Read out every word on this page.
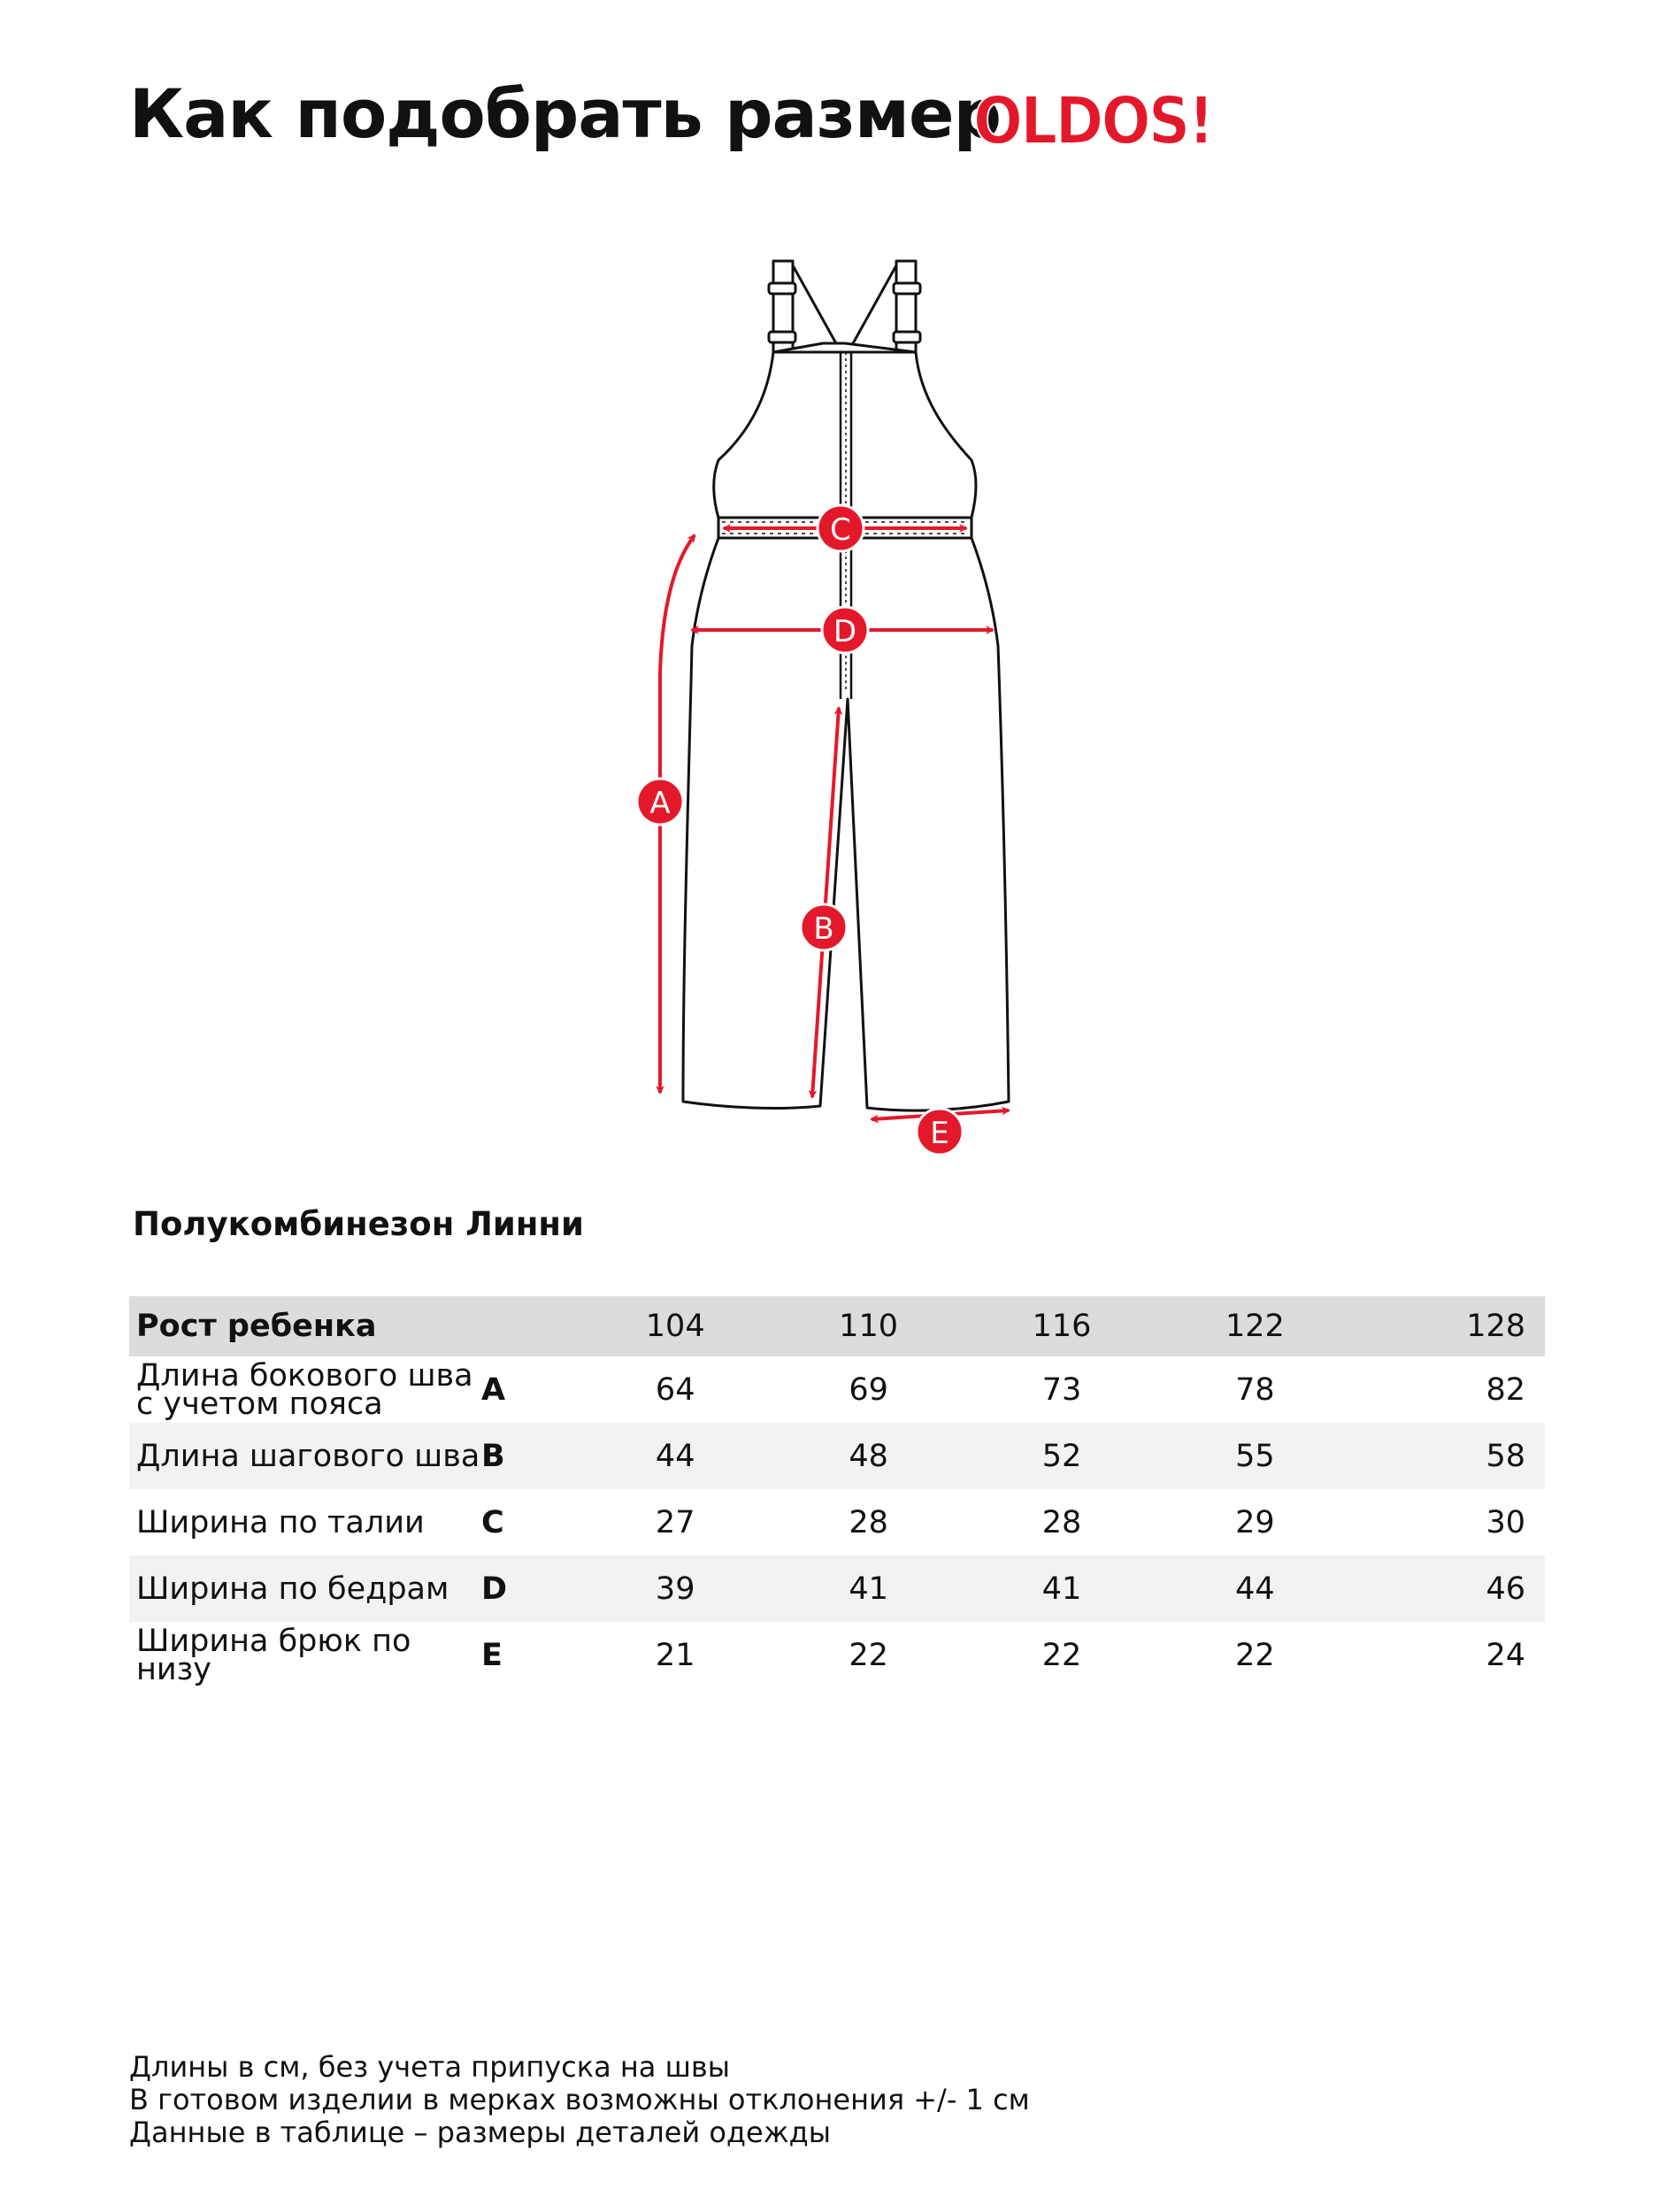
Как подобрать размер
OLDOS!
A
B
C
D
E
Полукомбинезон Линни
Рост ребенка		104	110	116	122	128

Длина бокового шва
с учетом пояса	A	64	69	73	78	82
Длина шагового шва	B	44	48	52	55	58
Ширина по талии	C	27	28	28	29	30
Ширина по бедрам	D	39	41	41	44	46
Ширина брюк по низу	E	21	22	22	22	24
Длины в см, без учета припуска на швы
В готовом изделии в мерках возможны отклонения +/- 1 см
Данные в таблице – размеры деталей одежды
